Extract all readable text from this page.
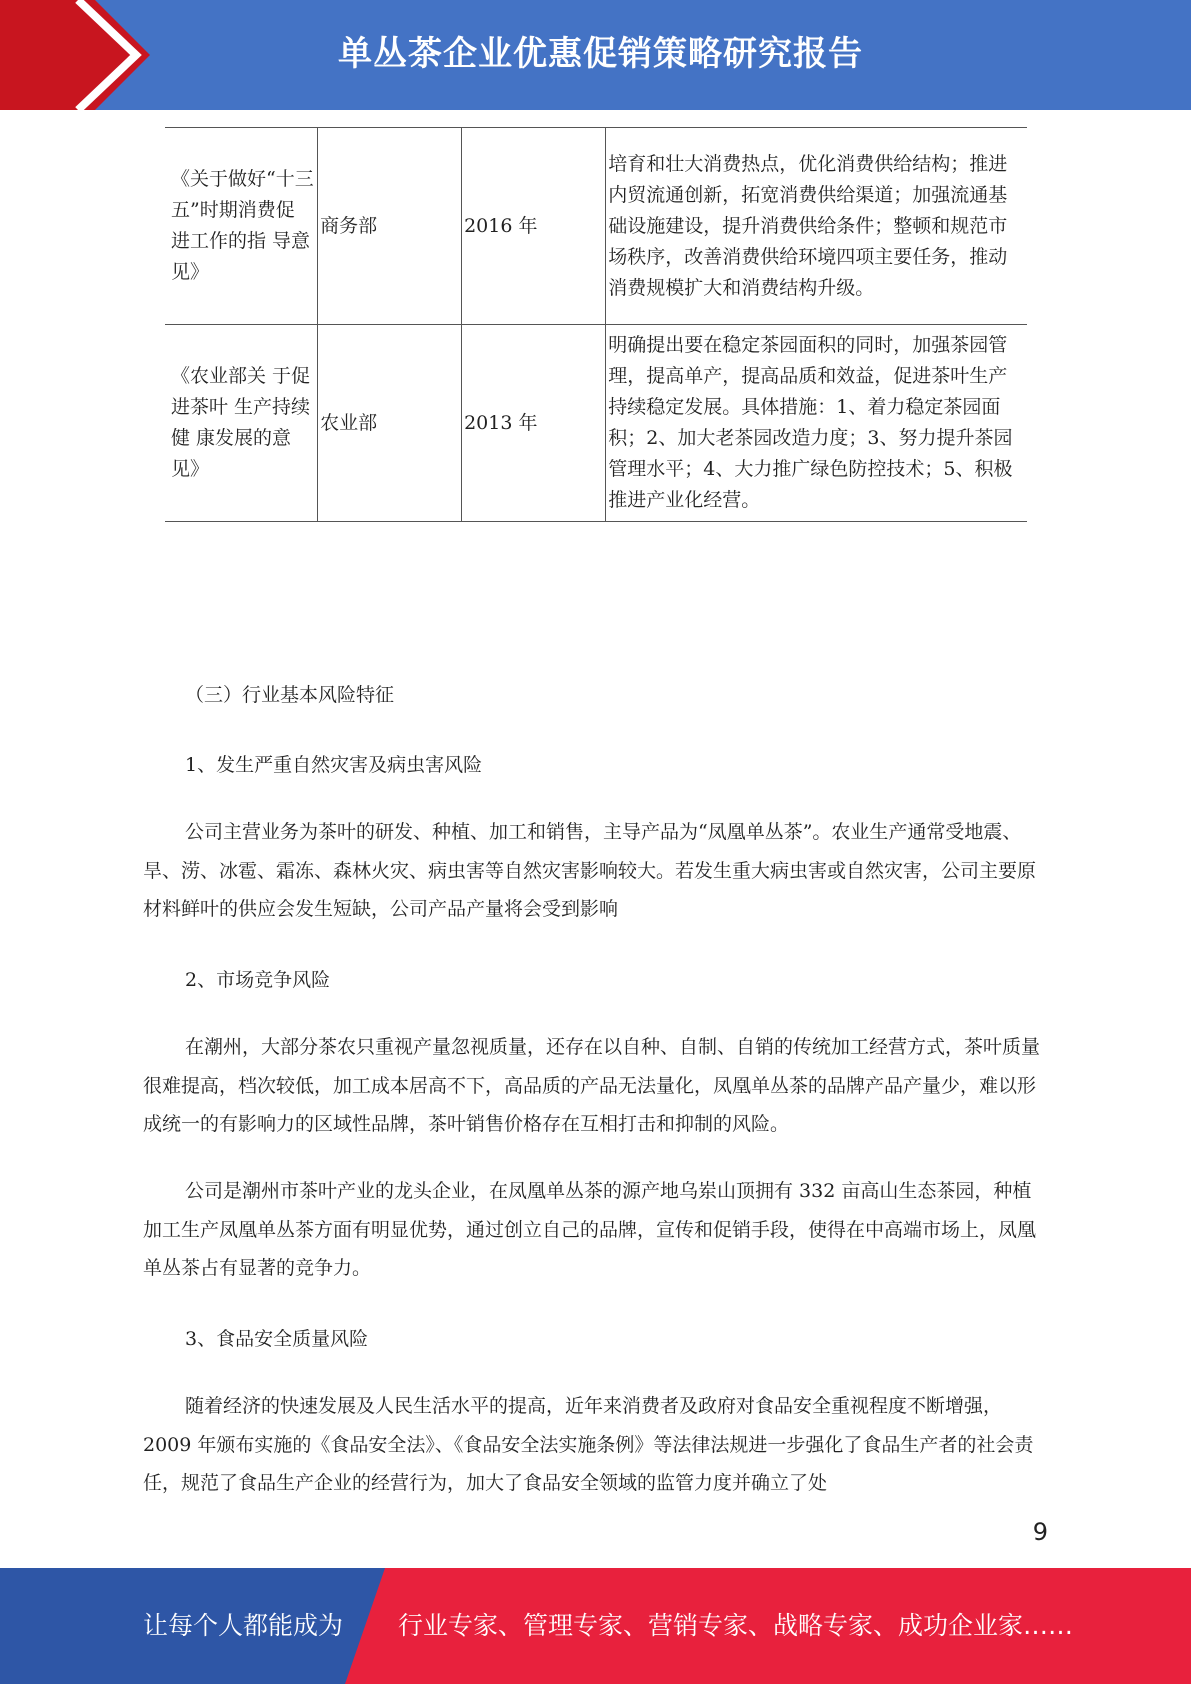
单丛茶企业优惠促销策略研究报告
《关于做好“十三五”时期消费促 进工作的指 导意见》	商务部	2016 年	培育和壮大消费热点，优化消费供给结构；推进内贸流通创新，拓宽消费供给渠道；加强流通基础设施建设，提升消费供给条件；整顿和规范市场秩序，改善消费供给环境四项主要任务，推动消费规模扩大和消费结构升级。
《农业部关 于促进茶叶 生产持续健 康发展的意 见》	农业部	2013 年	明确提出要在稳定茶园面积的同时，加强茶园管理，提高单产，提高品质和效益，促进茶叶生产持续稳定发展。具体措施：1、着力稳定茶园面积；2、加大老茶园改造力度；3、努力提升茶园管理水平；4、大力推广绿色防控技术；5、积极推进产业化经营。
（三）行业基本风险特征
1、发生严重自然灾害及病虫害风险

公司主营业务为茶叶的研发、种植、加工和销售，主导产品为“凤凰单丛茶”。农业生产通常受地震、旱、涝、冰雹、霜冻、森林火灾、病虫害等自然灾害影响较大。若发生重大病虫害或自然灾害，公司主要原材料鲜叶的供应会发生短缺，公司产品产量将会受到影响

2、市场竞争风险

在潮州，大部分茶农只重视产量忽视质量，还存在以自种、自制、自销的传统加工经营方式，茶叶质量很难提高，档次较低，加工成本居高不下，高品质的产品无法量化，凤凰单丛茶的品牌产品产量少，难以形成统一的有影响力的区域性品牌，茶叶销售价格存在互相打击和抑制的风险。

公司是潮州市茶叶产业的龙头企业，在凤凰单丛茶的源产地乌岽山顶拥有 332 亩高山生态茶园，种植加工生产凤凰单丛茶方面有明显优势，通过创立自己的品牌，宣传和促销手段，使得在中高端市场上，凤凰单丛茶占有显著的竞争力。

3、食品安全质量风险

随着经济的快速发展及人民生活水平的提高，近年来消费者及政府对食品安全重视程度不断增强，2009 年颁布实施的《食品安全法》、《食品安全法实施条例》等法律法规进一步强化了食品生产者的社会责任，规范了食品生产企业的经营行为，加大了食品安全领域的监管力度并确立了处

9
让每个人都能成为 行业专家、管理专家、营销专家、战略专家、成功企业家……
